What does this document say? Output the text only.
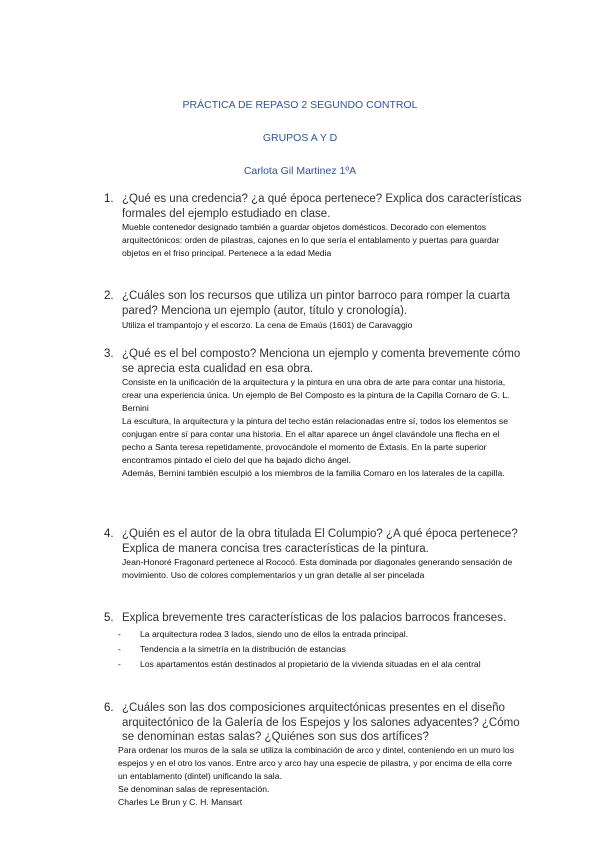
PRÁCTICA DE REPASO 2 SEGUNDO CONTROL
GRUPOS A Y D
Carlota Gil Martinez 1ºA
1. ¿Qué es una credencia? ¿a qué época pertenece? Explica dos características formales del ejemplo estudiado en clase.

Mueble contenedor designado también a guardar objetos domésticos. Decorado con elementos arquitectónicos: orden de pilastras, cajones en lo que sería el entablamento y puertas para guardar objetos en el friso principal. Pertenece a la edad Media

2. ¿Cuáles son los recursos que utiliza un pintor barroco para romper la cuarta pared? Menciona un ejemplo (autor, título y cronología).

Utiliza el trampantojo y el escorzo. La cena de Emaús (1601) de Caravaggio

3. ¿Qué es el bel composto? Menciona un ejemplo y comenta brevemente cómo se aprecia esta cualidad en esa obra.

Consiste en la unificación de la arquitectura y la pintura en una obra de arte para contar una historia, crear una experiencia única. Un ejemplo de Bel Composto es la pintura de la Capilla Cornaro de G. L. Bernini

La escultura, la arquitectura y la pintura del techo están relacionadas entre sí, todos los elementos se conjugan entre sí para contar una historia. En el altar aparece un ángel clavándole una flecha en el pecho a Santa teresa repetidamente, provocándole el momento de Éxtasis. En la parte superior encontramos pintado el cielo del que ha bajado dicho ángel.

Además, Bernini también esculpió a los miembros de la familia Cornaro en los laterales de la capilla.

4. ¿Quién es el autor de la obra titulada El Columpio? ¿A qué época pertenece? Explica de manera concisa tres características de la pintura.

Jean-Honoré Fragonard pertenece al Rococó. Esta dominada por diagonales generando sensación de movimiento. Uso de colores complementarios y un gran detalle al ser pincelada

5. Explica brevemente tres características de los palacios barrocos franceses.
- La arquitectura rodea 3 lados, siendo uno de ellos la entrada principal.
- Tendencia a la simetría en la distribución de estancias
- Los apartamentos están destinados al propietario de la vivienda situadas en el ala central
6. ¿Cuáles son las dos composiciones arquitectónicas presentes en el diseño arquitectónico de la Galería de los Espejos y los salones adyacentes? ¿Cómo se denominan estas salas? ¿Quiénes son sus dos artífices?

Para ordenar los muros de la sala se utiliza la combinación de arco y dintel, conteniendo en un muro los espejos y en el otro los vanos. Entre arco y arco hay una especie de pilastra, y por encima de ella corre un entablamento (dintel) unificando la sala.

Se denominan salas de representación.

Charles Le Brun y C. H. Mansart
